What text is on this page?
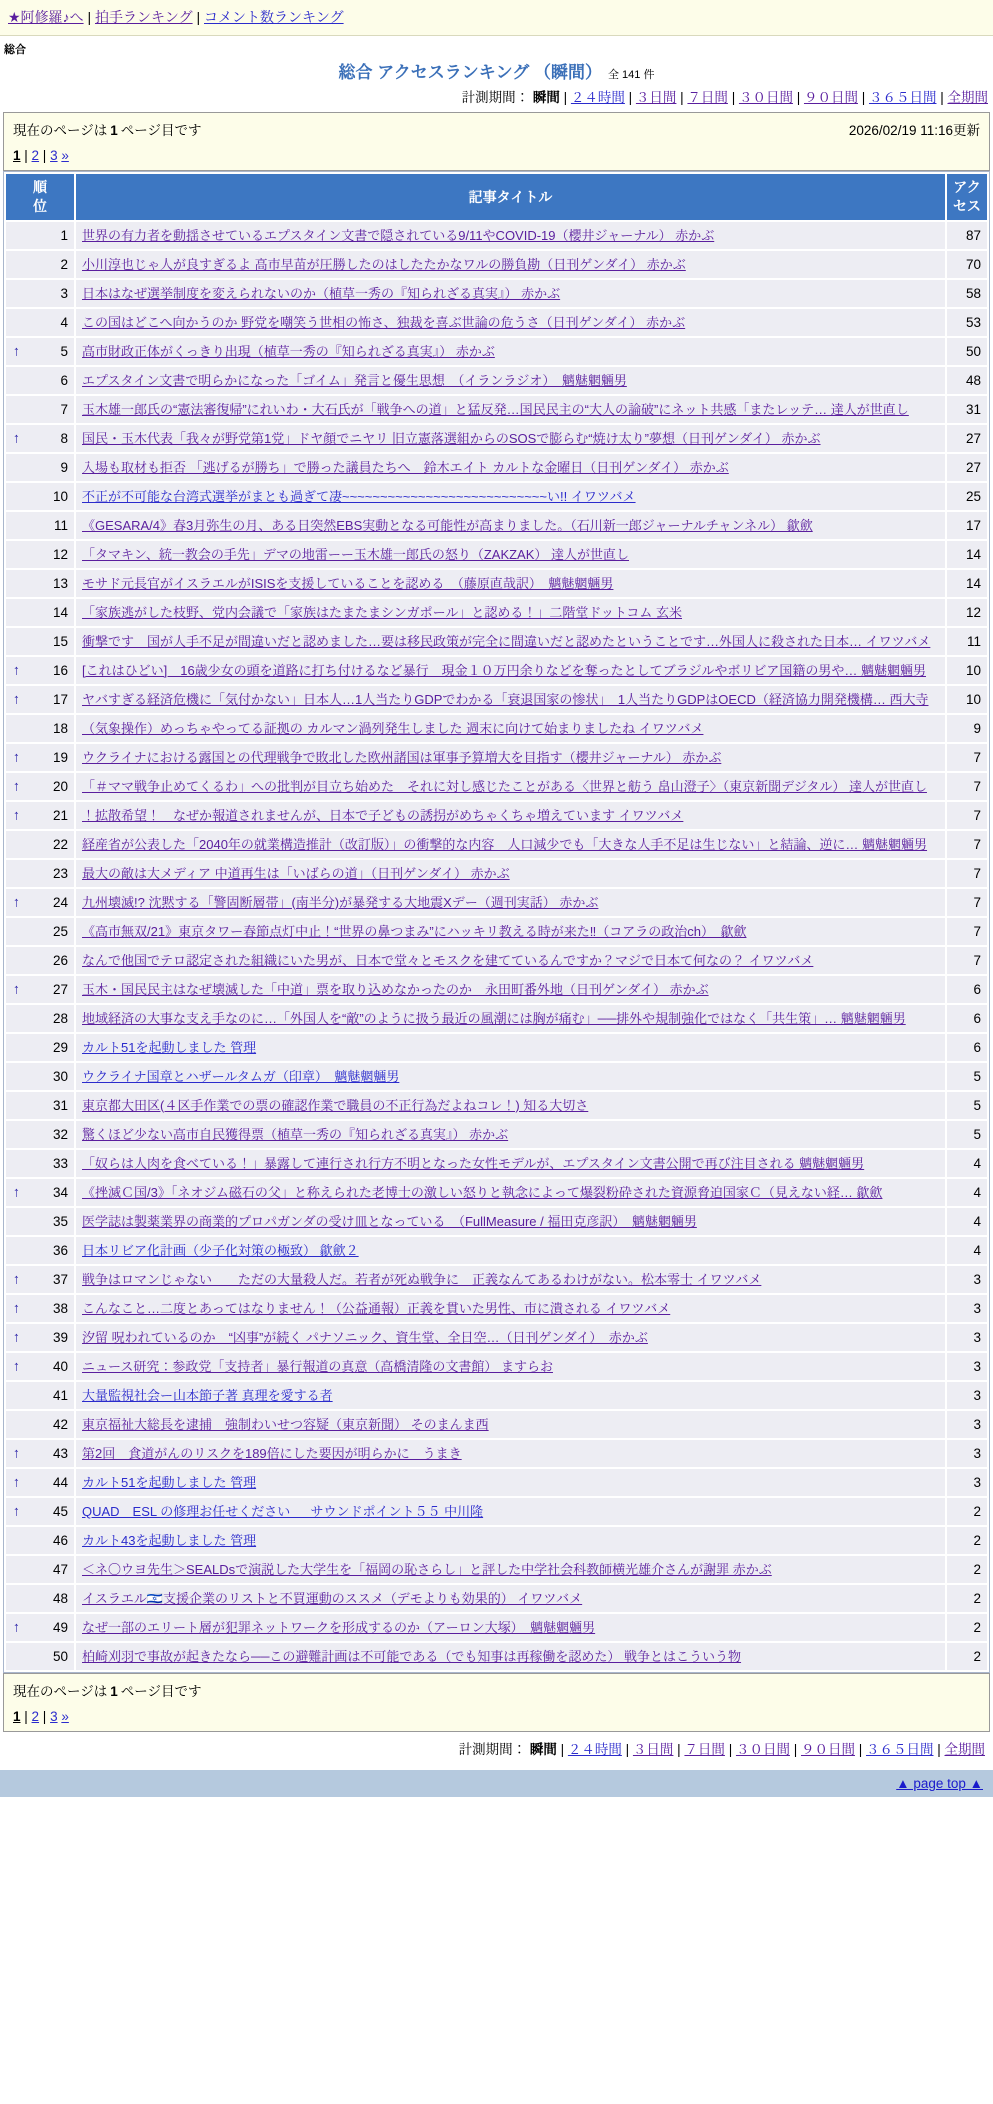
★阿修羅♪へ | 拍手ランキング | コメント数ランキング
総合
総合 アクセスランキング （瞬間） 全 141 件
計測期間： 瞬間 | ２４時間 | ３日間 | ７日間 | ３０日間 | ９０日間 | ３６５日間 | 全期間
現在のページは 1 ページ目です	2026/02/19 11:16更新
1 | 2 | 3 »
順位	記事タイトル	アクセス
1	世界の有力者を動揺させているエプスタイン文書で隠されている9/11やCOVID-19（櫻井ジャーナル） 赤かぶ	87
2	小川淳也じゃ人が良すぎるよ 高市早苗が圧勝したのはしたたかなワルの勝負勘（日刊ゲンダイ） 赤かぶ	70
3	日本はなぜ選挙制度を変えられないのか（植草一秀の『知られざる真実』） 赤かぶ	58
4	この国はどこへ向かうのか 野党を嘲笑う世相の怖さ、独裁を喜ぶ世論の危うさ（日刊ゲンダイ） 赤かぶ	53

↑ 5	高市財政正体がくっきり出現（植草一秀の『知られざる真実』） 赤かぶ	50
6	エプスタイン文書で明らかになった「ゴイム」発言と優生思想　（イランラジオ）　魑魅魍魎男	48
7	玉木雄一郎氏の“憲法審復帰”にれいわ・大石氏が「戦争への道」と猛反発…国民民主の“大人の論破”にネット共感「またレッテ… 達人が世直し	31

↑ 8	国民・玉木代表「我々が野党第1党」ドヤ顔でニヤリ 旧立憲落選組からのSOSで膨らむ“焼け太り”夢想（日刊ゲンダイ） 赤かぶ	27
9	入場も取材も拒否 「逃げるが勝ち」で勝った議員たちへ　鈴木エイト カルトな金曜日（日刊ゲンダイ） 赤かぶ	27
10	不正が不可能な台湾式選挙がまとも過ぎて凄~~~~~~~~~~~~~~~~~~~~~~~~~~~い!! イワツバメ	25
11	《GESARA/4》春3月弥生の月、ある日突然EBS実動となる可能性が高まりました。（石川新一郎ジャーナルチャンネル） 歙歛	17
12	「タマキン、統一教会の手先」デマの地雷ーー玉木雄一郎氏の怒り（ZAKZAK） 達人が世直し	14
13	モサド元長官がイスラエルがISISを支援していることを認める　（藤原直哉訳）　魑魅魍魎男	14
14	「家族逃がした枝野、党内会議で「家族はたまたまシンガポール」と認める！」二階堂ドットコム 玄米	12
15	衝撃です　国が人手不足が間違いだと認めました…要は移民政策が完全に間違いだと認めたということです…外国人に殺された日本… イワツバメ	11

↑ 16	[これはひどい]　16歳少女の頭を道路に打ち付けるなど暴行　現金１０万円余りなどを奪ったとしてブラジルやボリビア国籍の男や… 魑魅魍魎男	10

↑ 17	ヤバすぎる経済危機に「気付かない」日本人…1人当たりGDPでわかる「衰退国家の惨状」　1人当たりGDPはOECD（経済協力開発機構… 西大寺	10
18	（気象操作）めっちゃやってる証拠の カルマン渦列発生しました 週末に向けて始まりましたね イワツバメ	9

↑ 19	ウクライナにおける露国との代理戦争で敗北した欧州諸国は軍事予算増大を目指す（櫻井ジャーナル） 赤かぶ	7

↑ 20	「＃ママ戦争止めてくるわ」への批判が目立ち始めた　それに対し感じたことがある〈世界と舫う 畠山澄子〉（東京新聞デジタル） 達人が世直し	7

↑ 21	！拡散希望！　なぜか報道されませんが、日本で子どもの誘拐がめちゃくちゃ増えています イワツバメ	7
22	経産省が公表した「2040年の就業構造推計（改訂版）」の衝撃的な内容　人口減少でも「大きな人手不足は生じない」と結論、逆に… 魑魅魍魎男	7
23	最大の敵は大メディア 中道再生は「いばらの道」（日刊ゲンダイ） 赤かぶ	7

↑ 24	九州壊滅!? 沈黙する「警固断層帯」(南半分)が暴発する大地震Xデー（週刊実話） 赤かぶ	7
25	《高市無双/21》東京タワー春節点灯中止！“世界の鼻つまみ”にハッキリ教える時が来た‼（コアラの政治ch）　歙歛	7
26	なんで他国でテロ認定された組織にいた男が、日本で堂々とモスクを建てているんですか？マジで日本て何なの？ イワツバメ	7

↑ 27	玉木・国民民主はなぜ壊滅した「中道」票を取り込めなかったのか　永田町番外地（日刊ゲンダイ） 赤かぶ	6
28	地域経済の大事な支え手なのに…「外国人を“敵”のように扱う最近の風潮には胸が痛む」──排外や規制強化ではなく「共生策」… 魑魅魍魎男	6
29	カルト51を起動しました 管理	6
30	ウクライナ国章とハザールタムガ（印章）　魑魅魍魎男	5
31	東京都大田区(４区手作業での票の確認作業で職員の不正行為だよねコレ！) 知る大切さ	5
32	驚くほど少ない高市自民獲得票（植草一秀の『知られざる真実』） 赤かぶ	5
33	「奴らは人肉を食べている！」暴露して連行され行方不明となった女性モデルが、エプスタイン文書公開で再び注目される 魑魅魍魎男	4

↑ 34	《挫滅Ｃ国/3》「ネオジム磁石の父」と称えられた老博士の激しい怒りと執念によって爆裂粉砕された資源脅迫国家Ｃ（見えない経… 歙歛	4
35	医学誌は製薬業界の商業的プロパガンダの受け皿となっている　（FullMeasure / 福田克彦訳）　魑魅魍魎男	4
36	日本リビア化計画（少子化対策の極致） 歙歛２	4

↑ 37	戦争はロマンじゃない　　ただの大量殺人だ。若者が死ぬ戦争に　正義なんてあるわけがない。松本零士 イワツバメ	3

↑ 38	こんなこと…二度とあってはなりません！（公益通報）正義を貫いた男性、市に潰される イワツバメ	3

↑ 39	汐留 呪われているのか　“凶事”が続く パナソニック、資生堂、全日空…（日刊ゲンダイ）　赤かぶ	3

↑ 40	ニュース研究：参政党「支持者」暴行報道の真意（高橋清隆の文書館） ますらお	3
41	大量監視社会ー山本節子著 真理を愛する者	3
42	東京福祉大総長を逮捕　強制わいせつ容疑（東京新聞） そのまんま西	3

↑ 43	第2回　食道がんのリスクを189倍にした要因が明らかに　うまき	3

↑ 44	カルト51を起動しました 管理	3

↑ 45	QUAD　ESL の修理お任せください ＿ サウンドポイント５５ 中川隆	2
46	カルト43を起動しました 管理	2
47	＜ネ〇ウヨ先生＞SEALDsで演説した大学生を「福岡の恥さらし」と評した中学社会科教師横光雄介さんが謝罪 赤かぶ	2
48	イスラエル🇮🇱支援企業のリストと不買運動のススメ（デモよりも効果的） イワツバメ	2

↑ 49	なぜ一部のエリート層が犯罪ネットワークを形成するのか（アーロン大塚）　魑魅魍魎男	2
50	柏崎刈羽で事故が起きたなら──この避難計画は不可能である（でも知事は再稼働を認めた） 戦争とはこういう物	2
現在のページは 1 ページ目です
1 | 2 | 3 »
計測期間： 瞬間 | ２４時間 | ３日間 | ７日間 | ３０日間 | ９０日間 | ３６５日間 | 全期間
▲ page top ▲
